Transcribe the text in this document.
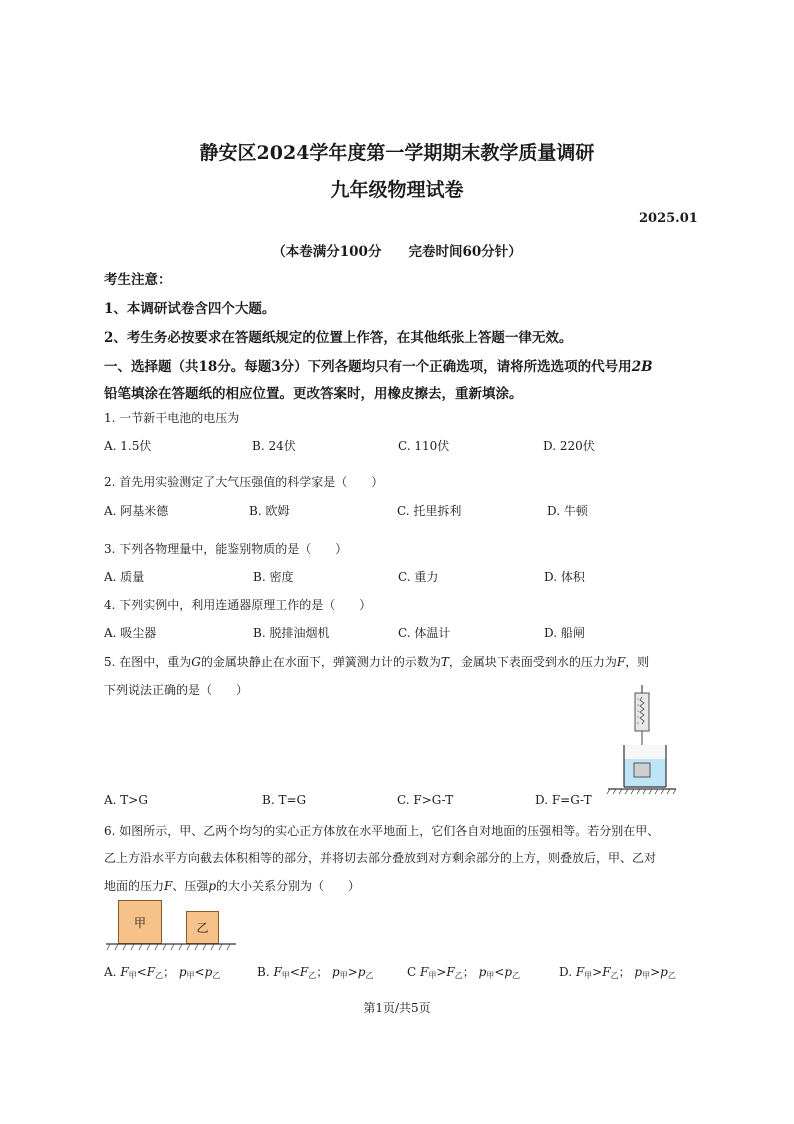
静安区2024学年度第一学期期末教学质量调研
九年级物理试卷
2025.01
（本卷满分100分　　完卷时间60分针）
考生注意：
1、本调研试卷含四个大题。
2、考生务必按要求在答题纸规定的位置上作答，在其他纸张上答题一律无效。
一、选择题（共18分。每题3分）下列各题均只有一个正确选项，请将所选选项的代号用2B
铅笔填涂在答题纸的相应位置。更改答案时，用橡皮擦去，重新填涂。
1. 一节新干电池的电压为
A. 1.5伏	B. 24伏	C. 110伏	D. 220伏
2. 首先用实验测定了大气压强值的科学家是（　　）
A. 阿基米德	B. 欧姆	C. 托里拆利	D. 牛顿
3. 下列各物理量中，能鉴别物质的是（　　）
A. 质量	B. 密度	C. 重力	D. 体积
4. 下列实例中，利用连通器原理工作的是（　　）
A. 吸尘器	B. 脱排油烟机	C. 体温计	D. 船闸
5. 在图中，重为G的金属块静止在水面下，弹簧测力计的示数为T，金属块下表面受到水的压力为F，则
下列说法正确的是（　　）
A. T>G	B. T=G	C. F>G-T	D. F=G-T
6. 如图所示，甲、乙两个均匀的实心正方体放在水平地面上，它们各自对地面的压强相等。若分别在甲、
乙上方沿水平方向截去体积相等的部分，并将切去部分叠放到对方剩余部分的上方，则叠放后，甲、乙对
地面的压力F、压强p的大小关系分别为（　　）
甲	乙
A. $F_甲<F_乙$； $p_甲<p_乙$	B. $F_甲<F_乙$； $p_甲>p_乙$	C $F_甲>F_乙$； $p_甲<p_乙$	D. $F_甲>F_乙$； $p_甲>p_乙$
第1页/共5页
